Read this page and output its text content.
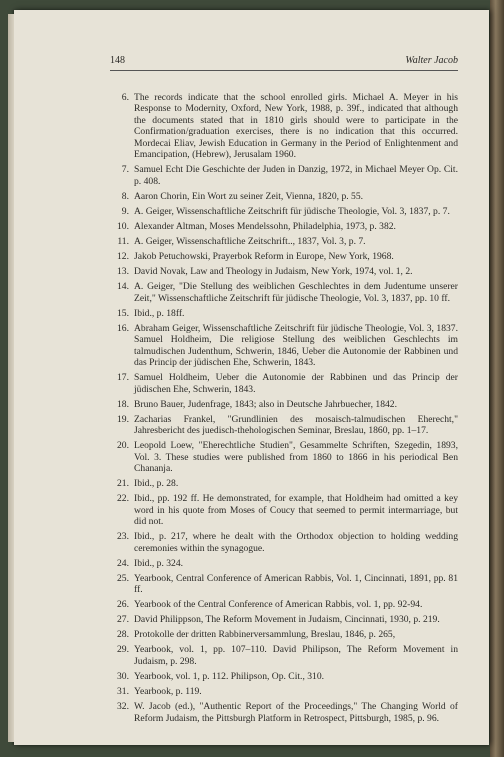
148	Walter Jacob
6. The records indicate that the school enrolled girls. Michael A. Meyer in his Response to Modernity, Oxford, New York, 1988, p. 39f., indicated that although the documents stated that in 1810 girls should were to participate in the Confirmation/graduation exercises, there is no indication that this occurred. Mordecai Eliav, Jewish Education in Germany in the Period of Enlightenment and Emancipation, (Hebrew), Jerusalam 1960.
7. Samuel Echt Die Geschichte der Juden in Danzig, 1972, in Michael Meyer Op. Cit. p. 408.
8. Aaron Chorin, Ein Wort zu seiner Zeit, Vienna, 1820, p. 55.
9. A. Geiger, Wissenschaftliche Zeitschrift für jüdische Theologie, Vol. 3, 1837, p. 7.
10. Alexander Altman, Moses Mendelssohn, Philadelphia, 1973, p. 382.
11. A. Geiger, Wissenschaftliche Zeitschrift.., 1837, Vol. 3, p. 7.
12. Jakob Petuchowski, Prayerbok Reform in Europe, New York, 1968.
13. David Novak, Law and Theology in Judaism, New York, 1974, vol. 1, 2.
14. A. Geiger, "Die Stellung des weiblichen Geschlechtes in dem Judentume unserer Zeit," Wissenschaftliche Zeitschrift für jüdische Theologie, Vol. 3, 1837, pp. 10 ff.
15. Ibid., p. 18ff.
16. Abraham Geiger, Wissenschaftliche Zeitschrift für jüdische Theologie, Vol. 3, 1837. Samuel Holdheim, Die religiose Stellung des weiblichen Geschlechts im talmudischen Judenthum, Schwerin, 1846, Ueber die Autonomie der Rabbinen und das Princip der jüdischen Ehe, Schwerin, 1843.
17. Samuel Holdheim, Ueber die Autonomie der Rabbinen und das Princip der jüdischen Ehe, Schwerin, 1843.
18. Bruno Bauer, Judenfrage, 1843; also in Deutsche Jahrbuecher, 1842.
19. Zacharias Frankel, "Grundlinien des mosaisch-talmudischen Eherecht," Jahresbericht des juedisch-thehologischen Seminar, Breslau, 1860, pp. 1–17.
20. Leopold Loew, "Eherechtliche Studien", Gesammelte Schriften, Szegedin, 1893, Vol. 3. These studies were published from 1860 to 1866 in his periodical Ben Chananja.
21. Ibid., p. 28.
22. Ibid., pp. 192 ff. He demonstrated, for example, that Holdheim had omitted a key word in his quote from Moses of Coucy that seemed to permit intermarriage, but did not.
23. Ibid., p. 217, where he dealt with the Orthodox objection to holding wedding ceremonies within the synagogue.
24. Ibid., p. 324.
25. Yearbook, Central Conference of American Rabbis, Vol. 1, Cincinnati, 1891, pp. 81 ff.
26. Yearbook of the Central Conference of American Rabbis, vol. 1, pp. 92-94.
27. David Philippson, The Reform Movement in Judaism, Cincinnati, 1930, p. 219.
28. Protokolle der dritten Rabbinerversammlung, Breslau, 1846, p. 265,
29. Yearbook, vol. 1, pp. 107–110. David Philipson, The Reform Movement in Judaism, p. 298.
30. Yearbook, vol. 1, p. 112. Philipson, Op. Cit., 310.
31. Yearbook, p. 119.
32. W. Jacob (ed.), "Authentic Report of the Proceedings," The Changing World of Reform Judaism, the Pittsburgh Platform in Retrospect, Pittsburgh, 1985, p. 96.
